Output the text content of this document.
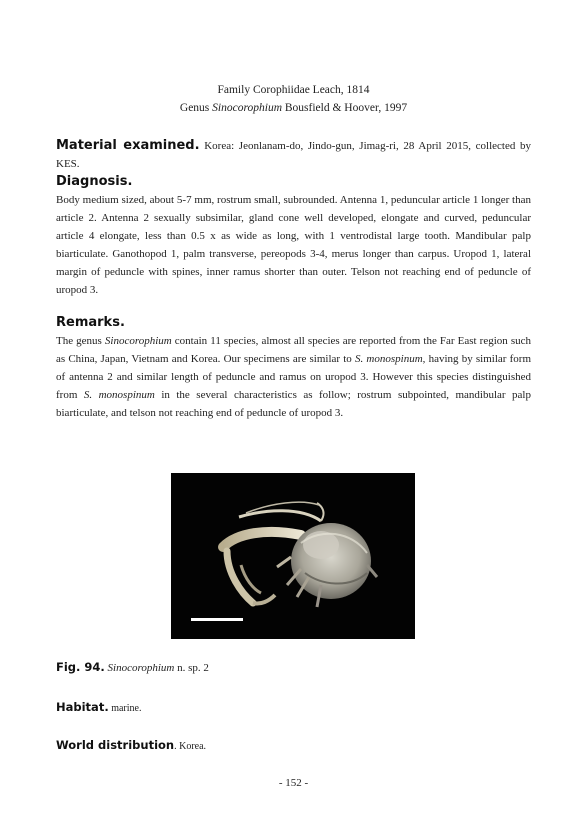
Family Corophiidae Leach, 1814
Genus Sinocorophium Bousfield & Hoover, 1997
Material examined. Korea: Jeonlanam-do, Jindo-gun, Jimag-ri, 28 April 2015, collected by KES.
Diagnosis.
Body medium sized, about 5-7 mm, rostrum small, subrounded. Antenna 1, peduncular article 1 longer than article 2. Antenna 2 sexually subsimilar, gland cone well developed, elongate and curved, peduncular article 4 elongate, less than 0.5 x as wide as long, with 1 ventrodistal large tooth. Mandibular palp biarticulate. Ganothopod 1, palm transverse, pereopods 3-4, merus longer than carpus. Uropod 1, lateral margin of peduncle with spines, inner ramus shorter than outer. Telson not reaching end of peduncle of uropod 3.
Remarks.
The genus Sinocorophium contain 11 species, almost all species are reported from the Far East region such as China, Japan, Vietnam and Korea. Our specimens are similar to S. monospinum, having by similar form of antenna 2 and similar length of peduncle and ramus on uropod 3. However this species distinguished from S. monospinum in the several characteristics as follow; rostrum subpointed, mandibular palp biarticulate, and telson not reaching end of peduncle of uropod 3.
Fig. 94. Sinocorophium n. sp. 2
Habitat. marine.
World distribution. Korea.
- 152 -
